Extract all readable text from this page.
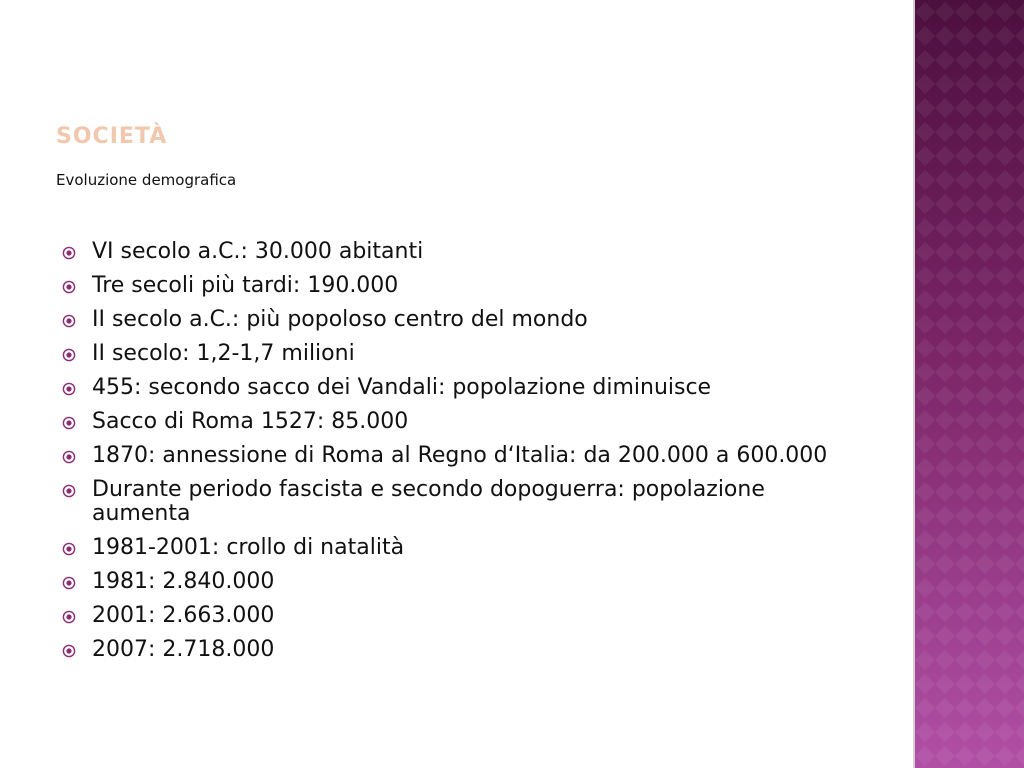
società

Evoluzione demografica

VI secolo a.C.: 30.000 abitanti
Tre secoli più tardi: 190.000
II secolo a.C.: più popoloso centro del mondo
II secolo: 1,2-1,7 milioni
455: secondo sacco dei Vandali: popolazione diminuisce
Sacco di Roma 1527: 85.000
1870: annessione di Roma al Regno d‘Italia: da 200.000 a 600.000
Durante periodo fascista e secondo dopoguerra: popolazione aumenta
1981-2001: crollo di natalità
1981: 2.840.000
2001: 2.663.000
2007: 2.718.000
